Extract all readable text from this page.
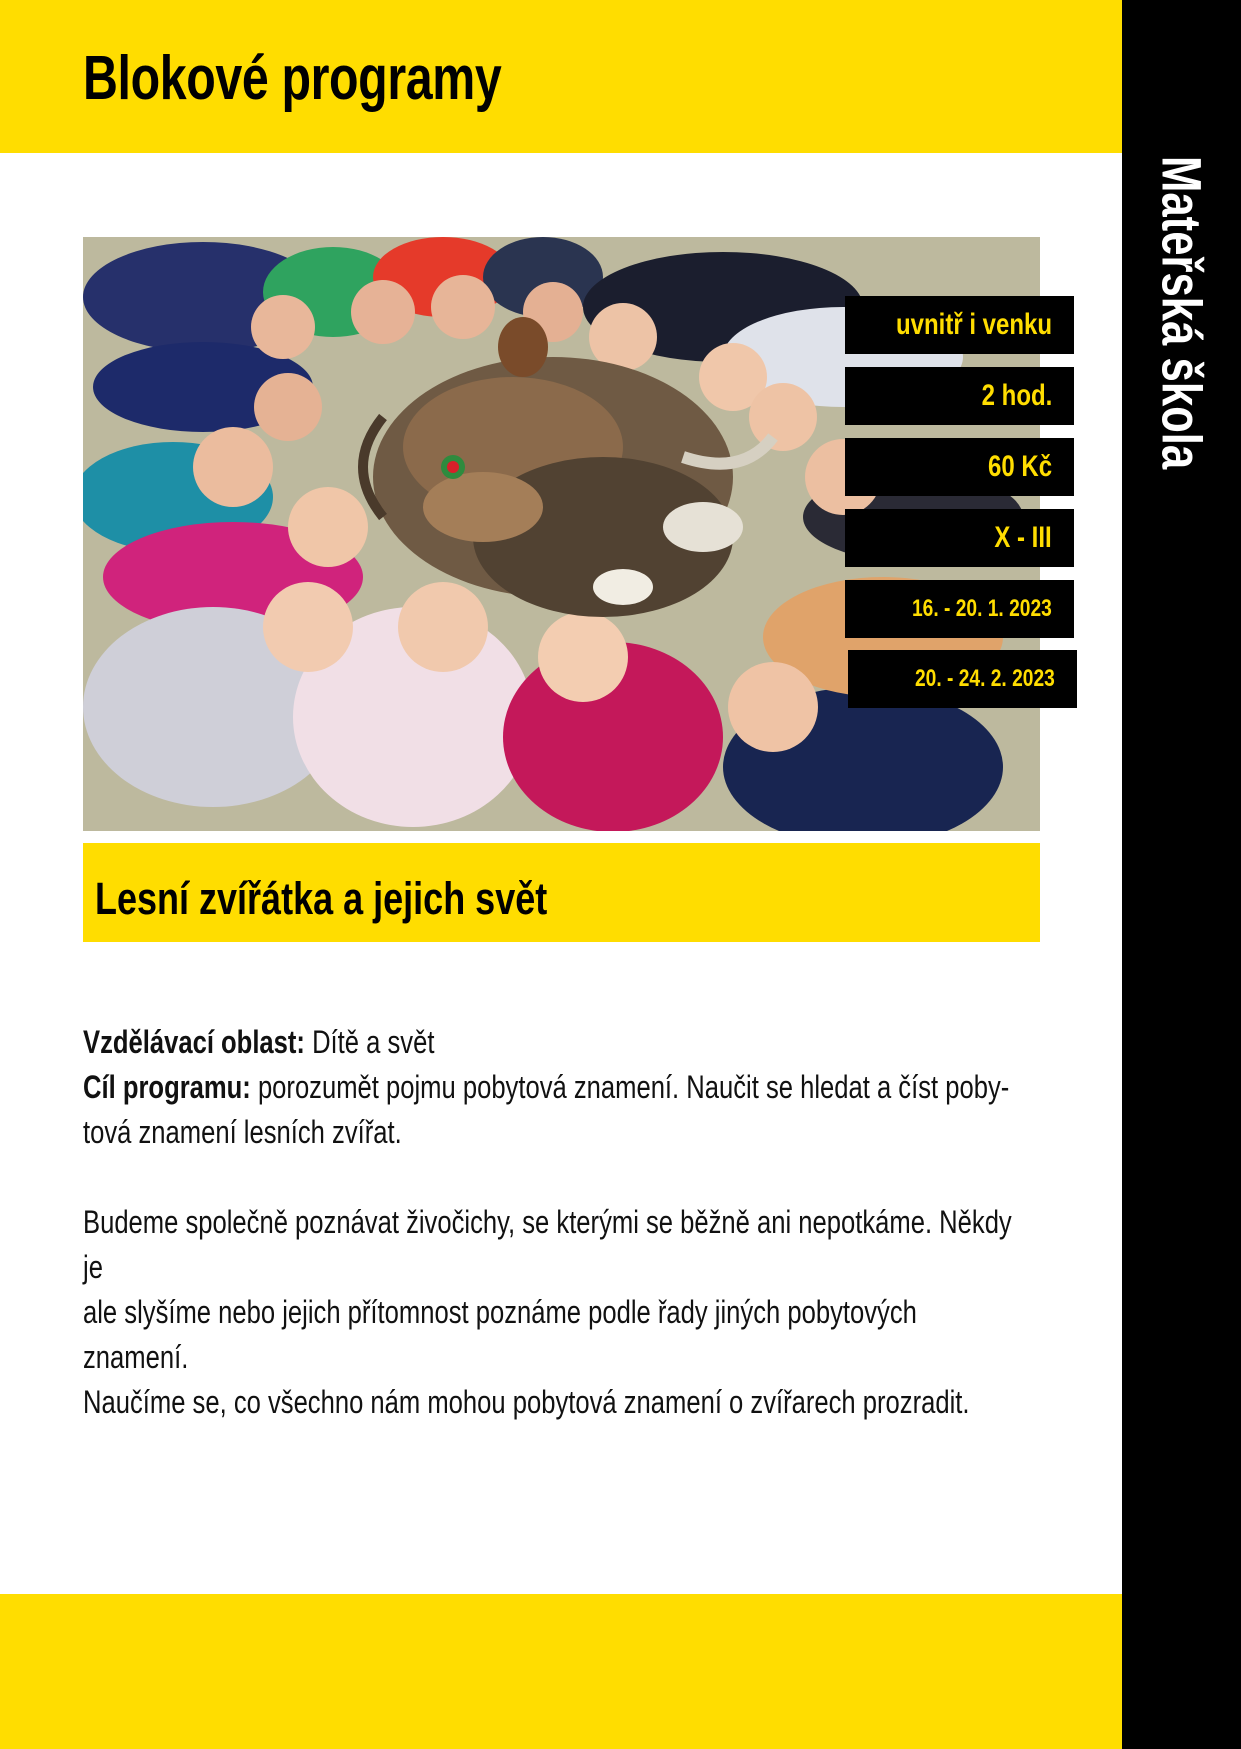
Blokové programy
Mateřská škola
uvnitř i venku
2 hod.
60 Kč
X - III
16. - 20. 1. 2023
20. - 24. 2. 2023
Lesní zvířátka a jejich svět

Vzdělávací oblast: Dítě a svět

Cíl programu: porozumět pojmu pobytová znamení. Naučit se hledat a číst poby-

tová znamení lesních zvířat.

Budeme společně poznávat živočichy, se kterými se běžně ani nepotkáme. Někdy je

ale slyšíme nebo jejich přítomnost poznáme podle řady jiných pobytových znamení.

Naučíme se, co všechno nám mohou pobytová znamení o zvířarech prozradit.
